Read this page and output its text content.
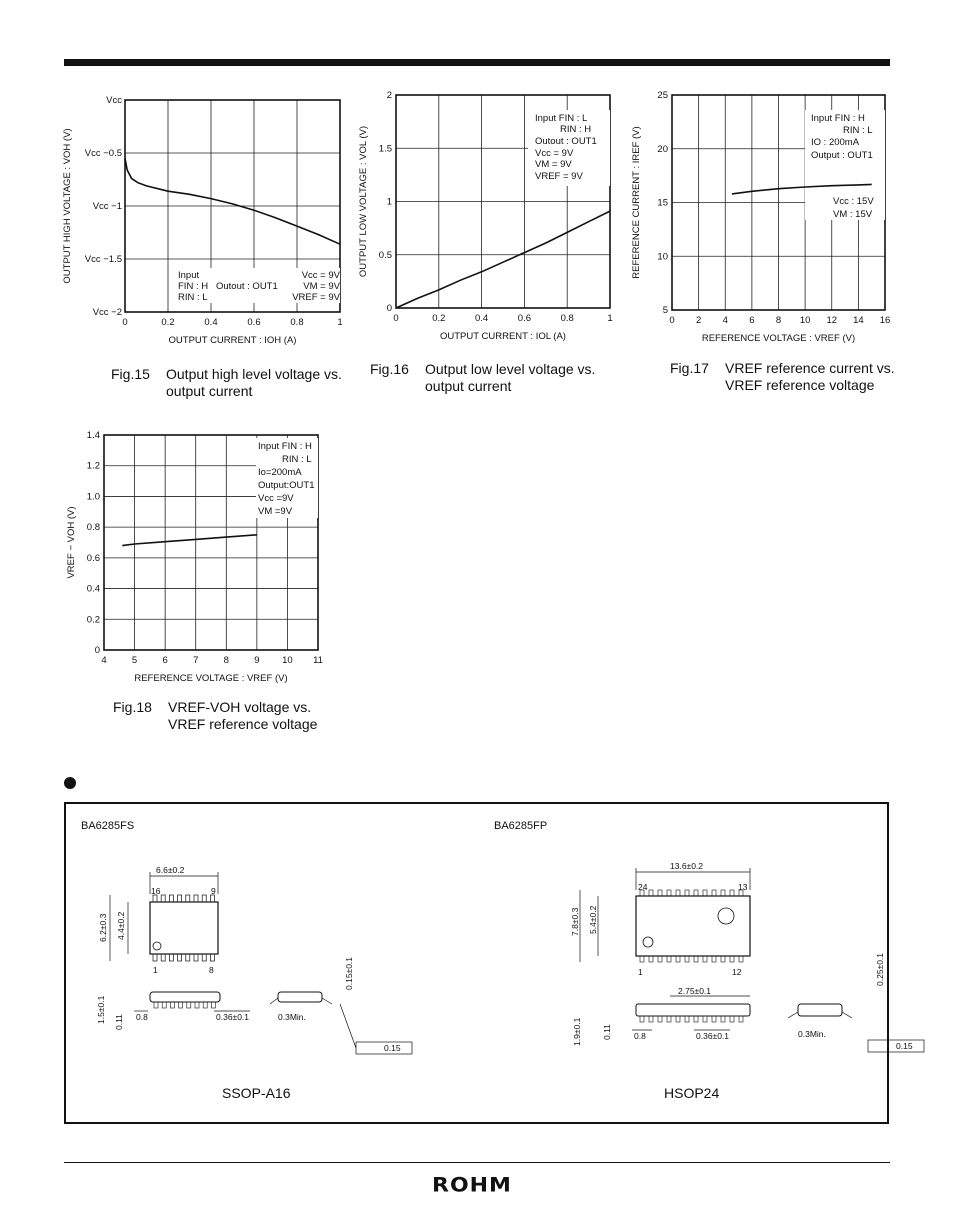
0	0.2	0.4	0.6	0.8	1
Vcc
Vcc −0.5
Vcc −1
Vcc −1.5
Vcc −2
OUTPUT CURRENT : IOH (A)
OUTPUT HIGH VOLTAGE : VOH (V)	Input
FIN : H
RIN : L
Outout : OUT1
Vcc = 9V
VM = 9V
VREF = 9V
0	0.2	0.4	0.6	0.8	1
2
1.5
1
0.5
0
OUTPUT CURRENT : IOL (A)
OUTPUT LOW VOLTAGE : VOL (V)
Input FIN : L
RIN : H
Outout : OUT1
Vcc = 9V
VM = 9V
VREF = 9V
0 2 4 6 8 10 12 14 16
25
20
15
10
5
REFERENCE VOLTAGE : VREF (V)
REFERENCE CURRENT : IREF (V)
Input FIN : H
RIN : L
IO : 200mA
Output : OUT1
Vcc : 15V
VM : 15V
4	5	6	7	8	9 10 11
1.4
1.2
1.0
0.8
0.6
0.4
0.2
0
REFERENCE VOLTAGE : VREF (V)
VREF − VOH (V)
Input FIN : H
RIN : L
Io=200mA
Output:OUT1
Vcc =9V
VM =9V
Fig.15 Output high level voltage vs.
output current
Fig.16 Output low level voltage vs.
output current
Fig.17 VREF reference current vs.
VREF reference voltage
Fig.18 VREF-VOH voltage vs.
VREF reference voltage
BA6285FS	BA6285FP
6.6±0.2
16	9
1	8
6.2±0.3 4.4±0.2
1.5±0.1 0.11 0.8	0.36±0.1
0.15±0.1
0.3Min.
0.15
13.6±0.2
24	13
1	12
2.75±0.1
7.8±0.3 5.4±0.2
1.9±0.1 0.11	0.8	0.36±0.1
0.25±0.1
0.3Min.
0.15
SSOP-A16	HSOP24
ROHM
